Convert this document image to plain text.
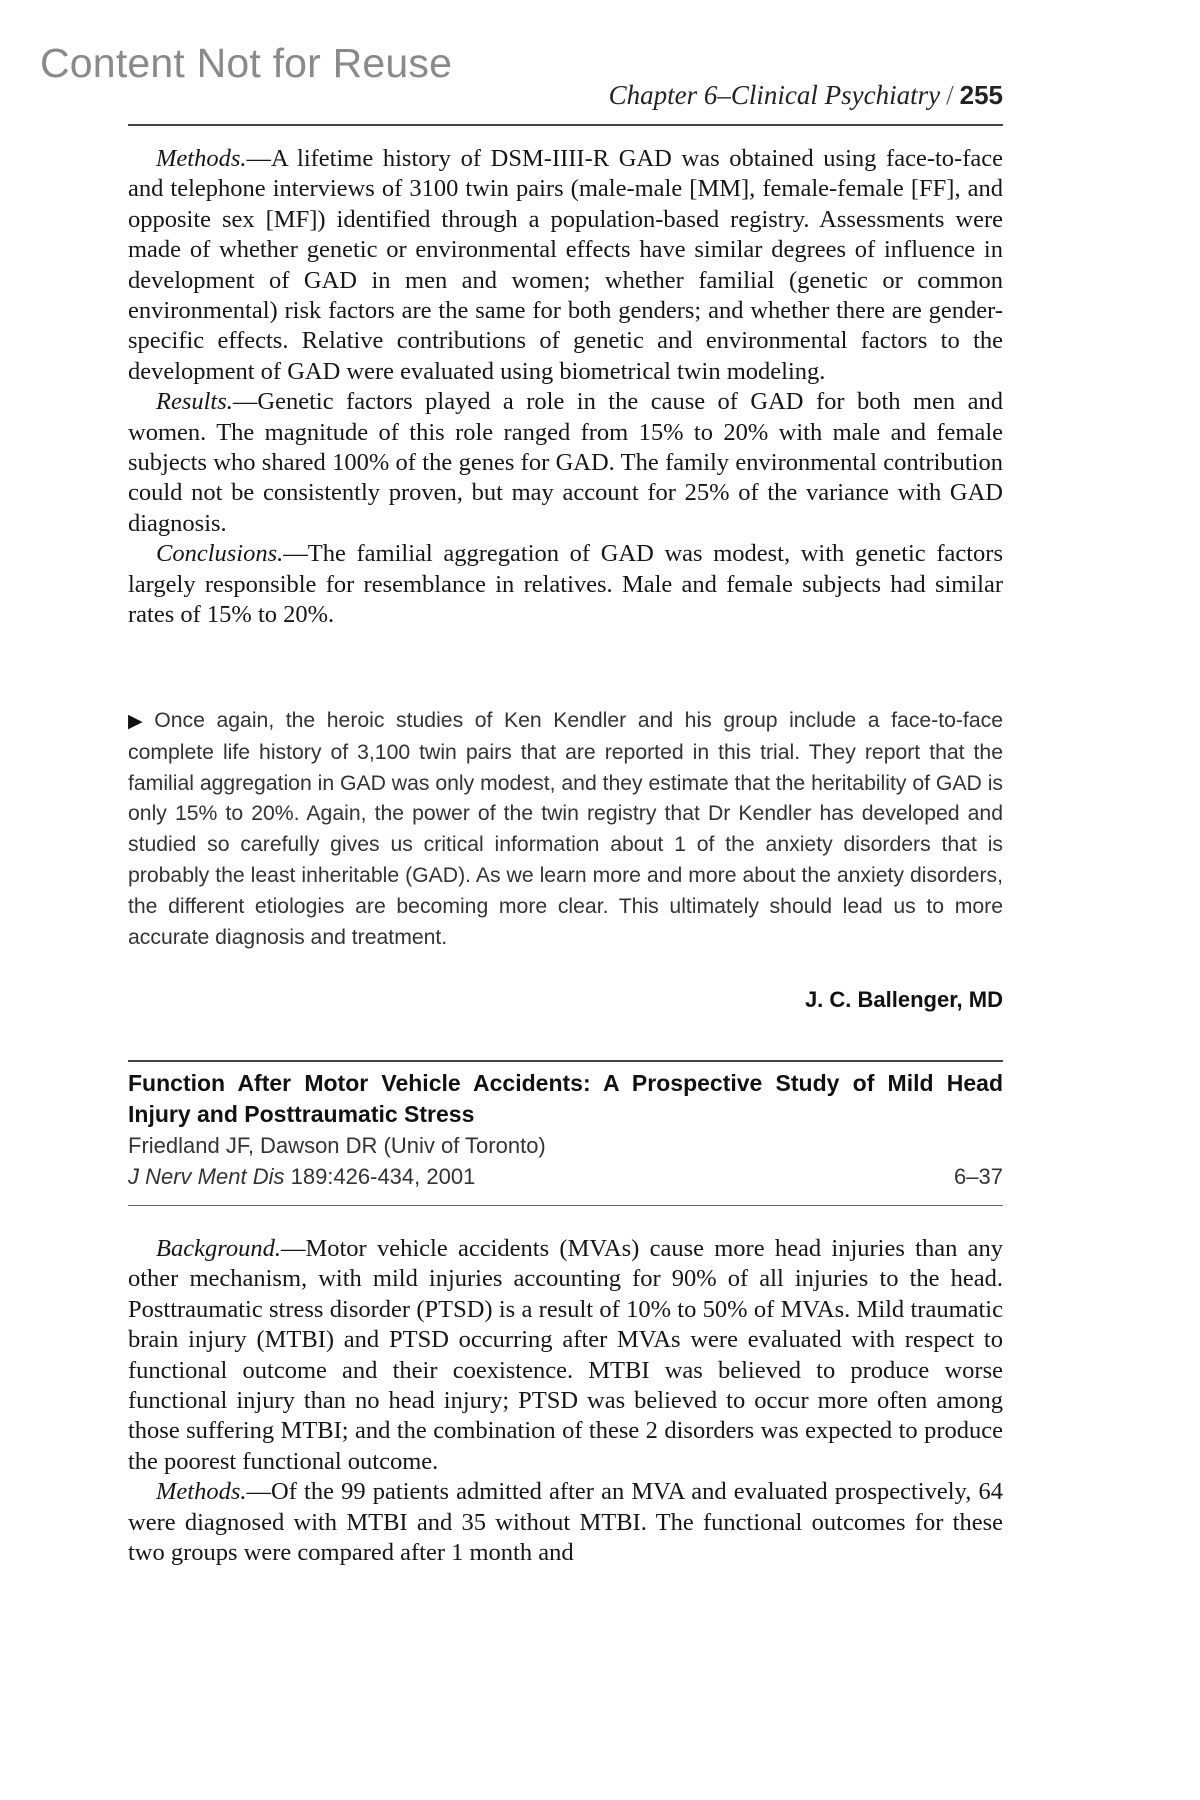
Content Not for Reuse
Chapter 6–Clinical Psychiatry / 255

Methods.—A lifetime history of DSM-IIII-R GAD was obtained using face-to-face and telephone interviews of 3100 twin pairs (male-male [MM], female-female [FF], and opposite sex [MF]) identified through a population-based registry. Assessments were made of whether genetic or environmental effects have similar degrees of influence in development of GAD in men and women; whether familial (genetic or common environmental) risk factors are the same for both genders; and whether there are gender-specific effects. Relative contributions of genetic and environmental factors to the development of GAD were evaluated using biometrical twin modeling.

Results.—Genetic factors played a role in the cause of GAD for both men and women. The magnitude of this role ranged from 15% to 20% with male and female subjects who shared 100% of the genes for GAD. The family environmental contribution could not be consistently proven, but may account for 25% of the variance with GAD diagnosis.

Conclusions.—The familial aggregation of GAD was modest, with genetic factors largely responsible for resemblance in relatives. Male and female subjects had similar rates of 15% to 20%.

▶ Once again, the heroic studies of Ken Kendler and his group include a face-to-face complete life history of 3,100 twin pairs that are reported in this trial. They report that the familial aggregation in GAD was only modest, and they estimate that the heritability of GAD is only 15% to 20%. Again, the power of the twin registry that Dr Kendler has developed and studied so carefully gives us critical information about 1 of the anxiety disorders that is probably the least inheritable (GAD). As we learn more and more about the anxiety disorders, the different etiologies are becoming more clear. This ultimately should lead us to more accurate diagnosis and treatment.
J. C. Ballenger, MD
Function After Motor Vehicle Accidents: A Prospective Study of Mild Head Injury and Posttraumatic Stress
Friedland JF, Dawson DR (Univ of Toronto)
J Nerv Ment Dis 189:426-434, 2001	6–37

Background.—Motor vehicle accidents (MVAs) cause more head injuries than any other mechanism, with mild injuries accounting for 90% of all injuries to the head. Posttraumatic stress disorder (PTSD) is a result of 10% to 50% of MVAs. Mild traumatic brain injury (MTBI) and PTSD occurring after MVAs were evaluated with respect to functional outcome and their coexistence. MTBI was believed to produce worse functional injury than no head injury; PTSD was believed to occur more often among those suffering MTBI; and the combination of these 2 disorders was expected to produce the poorest functional outcome.

Methods.—Of the 99 patients admitted after an MVA and evaluated prospectively, 64 were diagnosed with MTBI and 35 without MTBI. The functional outcomes for these two groups were compared after 1 month and
